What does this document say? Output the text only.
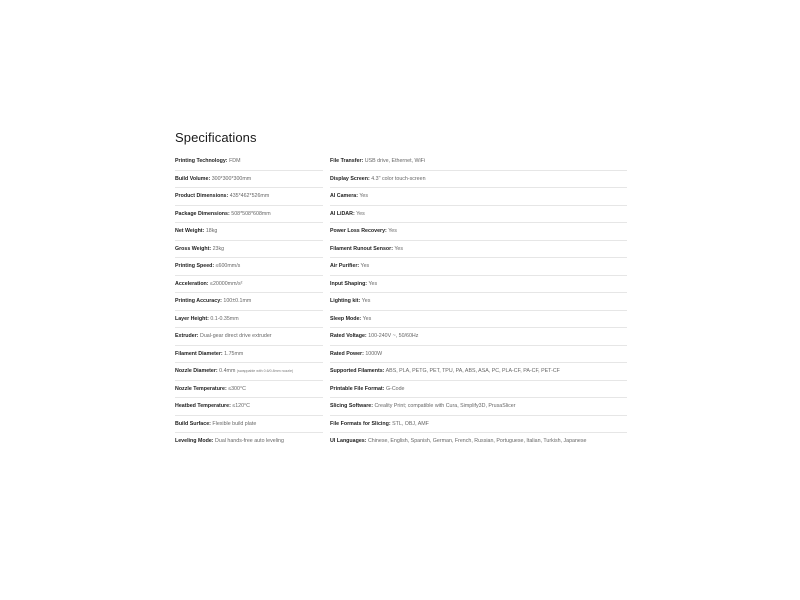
Specifications
Printing Technology: FDM
Build Volume: 300*300*300mm
Product Dimensions: 435*462*526mm
Package Dimensions: 508*508*608mm
Net Weight: 18kg
Gross Weight: 23kg
Printing Speed: ≤600mm/s
Acceleration: ≤20000mm/s²
Printing Accuracy: 100±0.1mm
Layer Height: 0.1-0.35mm
Extruder: Dual-gear direct drive extruder
Filament Diameter: 1.75mm
Nozzle Diameter: 0.4mm (swappable with 0.6/0.8mm nozzle)
Nozzle Temperature: ≤300°C
Heatbed Temperature: ≤120°C
Build Surface: Flexible build plate
Leveling Mode: Dual hands-free auto leveling
File Transfer: USB drive, Ethernet, WiFi
Display Screen: 4.3" color touch-screen
AI Camera: Yes
AI LiDAR: Yes
Power Loss Recovery: Yes
Filament Runout Sensor: Yes
Air Purifier: Yes
Input Shaping: Yes
Lighting kit: Yes
Sleep Mode: Yes
Rated Voltage: 100-240V ~, 50/60Hz
Rated Power: 1000W
Supported Filaments: ABS, PLA, PETG, PET, TPU, PA, ABS, ASA, PC, PLA-CF, PA-CF, PET-CF
Printable File Format: G-Code
Slicing Software: Creality Print; compatible with Cura, Simplify3D, PrusaSlicer
File Formats for Slicing: STL, OBJ, AMF
UI Languages: Chinese, English, Spanish, German, French, Russian, Portuguese, Italian, Turkish, Japanese
